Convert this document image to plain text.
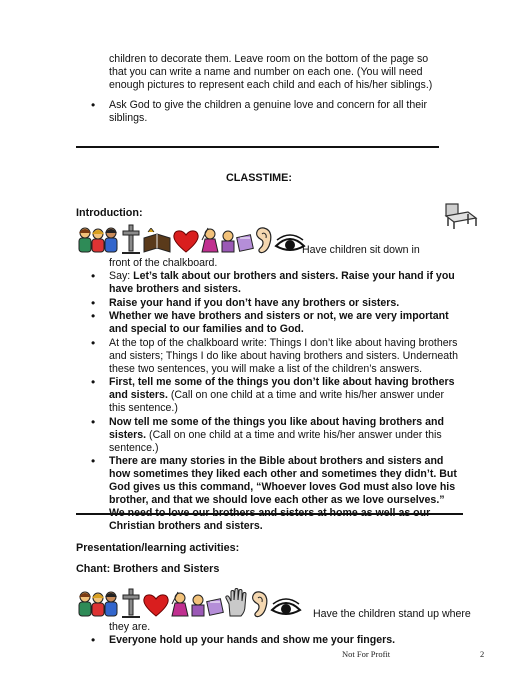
children to decorate them. Leave room on the bottom of the page so that you can write a name and number on each one. (You will need enough pictures to represent each child and each of his/her siblings.)
• Ask God to give the children a genuine love and concern for all their siblings.
CLASSTIME:
Introduction:
Have children sit down in
front of the chalkboard.
• Say: Let’s talk about our brothers and sisters. Raise your hand if you have brothers and sisters.
• Raise your hand if you don’t have any brothers or sisters.
• Whether we have brothers and sisters or not, we are very important and special to our families and to God.
• At the top of the chalkboard write: Things I don’t like about having brothers and sisters; Things I do like about having brothers and sisters. Underneath these two sentences, you will make a list of the children’s answers.
• First, tell me some of the things you don’t like about having brothers and sisters. (Call on one child at a time and write his/her answer under this sentence.)
• Now tell me some of the things you like about having brothers and sisters. (Call on one child at a time and write his/her answer under this sentence.)
• There are many stories in the Bible about brothers and sisters and how sometimes they liked each other and sometimes they didn’t. But God gives us this command, “Whoever loves God must also love his brother, and that we should love each other as we love ourselves.” Christian brothers and sisters.
Presentation/learning activities:
Chant: Brothers and Sisters
Have the children stand up where
they are.
• Everyone hold up your hands and show me your fingers.
Not For Profit	2
